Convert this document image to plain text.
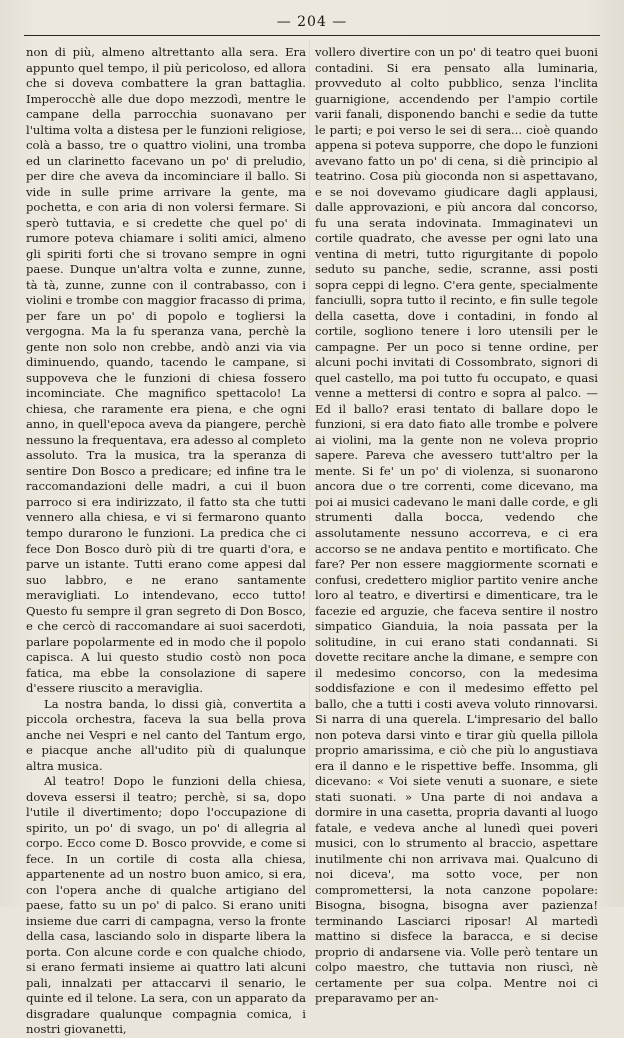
— 204 —

non di più, almeno altrettanto alla sera. Era appunto quel tempo, il più pericoloso, ed allora che si doveva combattere la gran battaglia. Imperocchè alle due dopo mezzodì, mentre le campane della parrocchia suonavano per l'ultima volta a distesa per le funzioni religiose, colà a basso, tre o quattro violini, una tromba ed un clarinetto facevano un po' di preludio, per dire che aveva da incominciare il ballo. Si vide in sulle prime arrivare la gente, ma pochetta, e con aria di non volersi fermare. Si sperò tuttavia, e si credette che quel po' di rumore poteva chiamare i soliti amici, almeno gli spiriti forti che si trovano sempre in ogni paese. Dunque un'altra volta e zunne, zunne, tà tà, zunne, zunne con il contrabasso, con i violini e trombe con maggior fracasso di prima, per fare un po' di popolo e togliersi la vergogna. Ma la fu speranza vana, perchè la gente non solo non crebbe, andò anzi via via diminuendo, quando, tacendo le campane, si suppoveva che le funzioni di chiesa fossero incominciate. Che magnifico spettacolo! La chiesa, che raramente era piena, e che ogni anno, in quell'epoca aveva da piangere, perchè nessuno la frequentava, era adesso al completo assoluto. Tra la musica, tra la speranza di sentire Don Bosco a predicare; ed infine tra le raccomandazioni delle madri, a cui il buon parroco si era indirizzato, il fatto sta che tutti vennero alla chiesa, e vi si fermarono quanto tempo durarono le funzioni. La predica che ci fece Don Bosco durò più di tre quarti d'ora, e parve un istante. Tutti erano come appesi dal suo labbro, e ne erano santamente meravigliati. Lo intendevano, ecco tutto! Questo fu sempre il gran segreto di Don Bosco, e che cercò di raccomandare ai suoi sacerdoti, parlare popolarmente ed in modo che il popolo capisca. A lui questo studio costò non poca fatica, ma ebbe la consolazione di sapere d'essere riuscito a meraviglia.

La nostra banda, lo dissi già, convertita a piccola orchestra, faceva la sua bella prova anche nei Vespri e nel canto del Tantum ergo, e piacque anche all'udito più di qualunque altra musica.

Al teatro! Dopo le funzioni della chiesa, doveva essersi il teatro; perchè, si sa, dopo l'utile il divertimento; dopo l'occupazione di spirito, un po' di svago, un po' di allegria al corpo. Ecco come D. Bosco provvide, e come si fece. In un cortile di costa alla chiesa, appartenente ad un nostro buon amico, si era, con l'opera anche di qualche artigiano del paese, fatto su un po' di palco. Si erano uniti insieme due carri di campagna, verso la fronte della casa, lasciando solo in disparte libera la porta. Con alcune corde e con qualche chiodo, si erano fermati insieme ai quattro lati alcuni pali, innalzati per attaccarvi il senario, le quinte ed il telone. La sera, con un apparato da disgradare qualunque compagnia comica, i nostri giovanetti,

vollero divertire con un po' di teatro quei buoni contadini. Si era pensato alla luminaria, provveduto al colto pubblico, senza l'inclita guarnigione, accendendo per l'ampio cortile varii fanali, disponendo banchi e sedie da tutte le parti; e poi verso le sei di sera... cioè quando appena si poteva supporre, che dopo le funzioni avevano fatto un po' di cena, si diè principio al teatrino. Cosa più gioconda non si aspettavano, e se noi dovevamo giudicare dagli applausi, dalle approvazioni, e più ancora dal concorso, fu una serata indovinata. Immaginatevi un cortile quadrato, che avesse per ogni lato una ventina di metri, tutto rigurgitante di popolo seduto su panche, sedie, scranne, assi posti sopra ceppi di legno. C'era gente, specialmente fanciulli, sopra tutto il recinto, e fin sulle tegole della casetta, dove i contadini, in fondo al cortile, sogliono tenere i loro utensili per le campagne. Per un poco si tenne ordine, per alcuni pochi invitati di Cossombrato, signori di quel castello, ma poi tutto fu occupato, e quasi venne a mettersi di contro e sopra al palco. — Ed il ballo? erasi tentato di ballare dopo le funzioni, si era dato fiato alle trombe e polvere ai violini, ma la gente non ne voleva proprio sapere. Pareva che avessero tutt'altro per la mente. Si fe' un po' di violenza, si suonarono ancora due o tre correnti, come dicevano, ma poi ai musici cadevano le mani dalle corde, e gli strumenti dalla bocca, vedendo che assolutamente nessuno accorreva, e ci era accorso se ne andava pentito e mortificato. Che fare? Per non essere maggiormente scornati e confusi, credettero miglior partito venire anche loro al teatro, e divertirsi e dimenticare, tra le facezie ed arguzie, che faceva sentire il nostro simpatico Gianduia, la noia passata per la solitudine, in cui erano stati condannati. Si dovette recitare anche la dimane, e sempre con il medesimo concorso, con la medesima soddisfazione e con il medesimo effetto pel ballo, che a tutti i costi aveva voluto rinnovarsi. Si narra di una querela. L'impresario del ballo non poteva darsi vinto e tirar giù quella pillola proprio amarissima, e ciò che più lo angustiava era il danno e le rispettive beffe. Insomma, gli dicevano: « Voi siete venuti a suonare, e siete stati suonati. » Una parte di noi andava a dormire in una casetta, propria davanti al luogo fatale, e vedeva anche al lunedì quei poveri musici, con lo strumento al braccio, aspettare inutilmente chi non arrivava mai. Qualcuno di noi diceva', ma sotto voce, per non compromettersi, la nota canzone popolare: Bisogna, bisogna, bisogna aver pazienza! terminando Lasciarci riposar! Al martedì mattino si disfece la baracca, e si decise proprio di andarsene via. Volle però tentare un colpo maestro, che tuttavia non riuscì, nè certamente per sua colpa. Mentre noi ci preparavamo per an-
